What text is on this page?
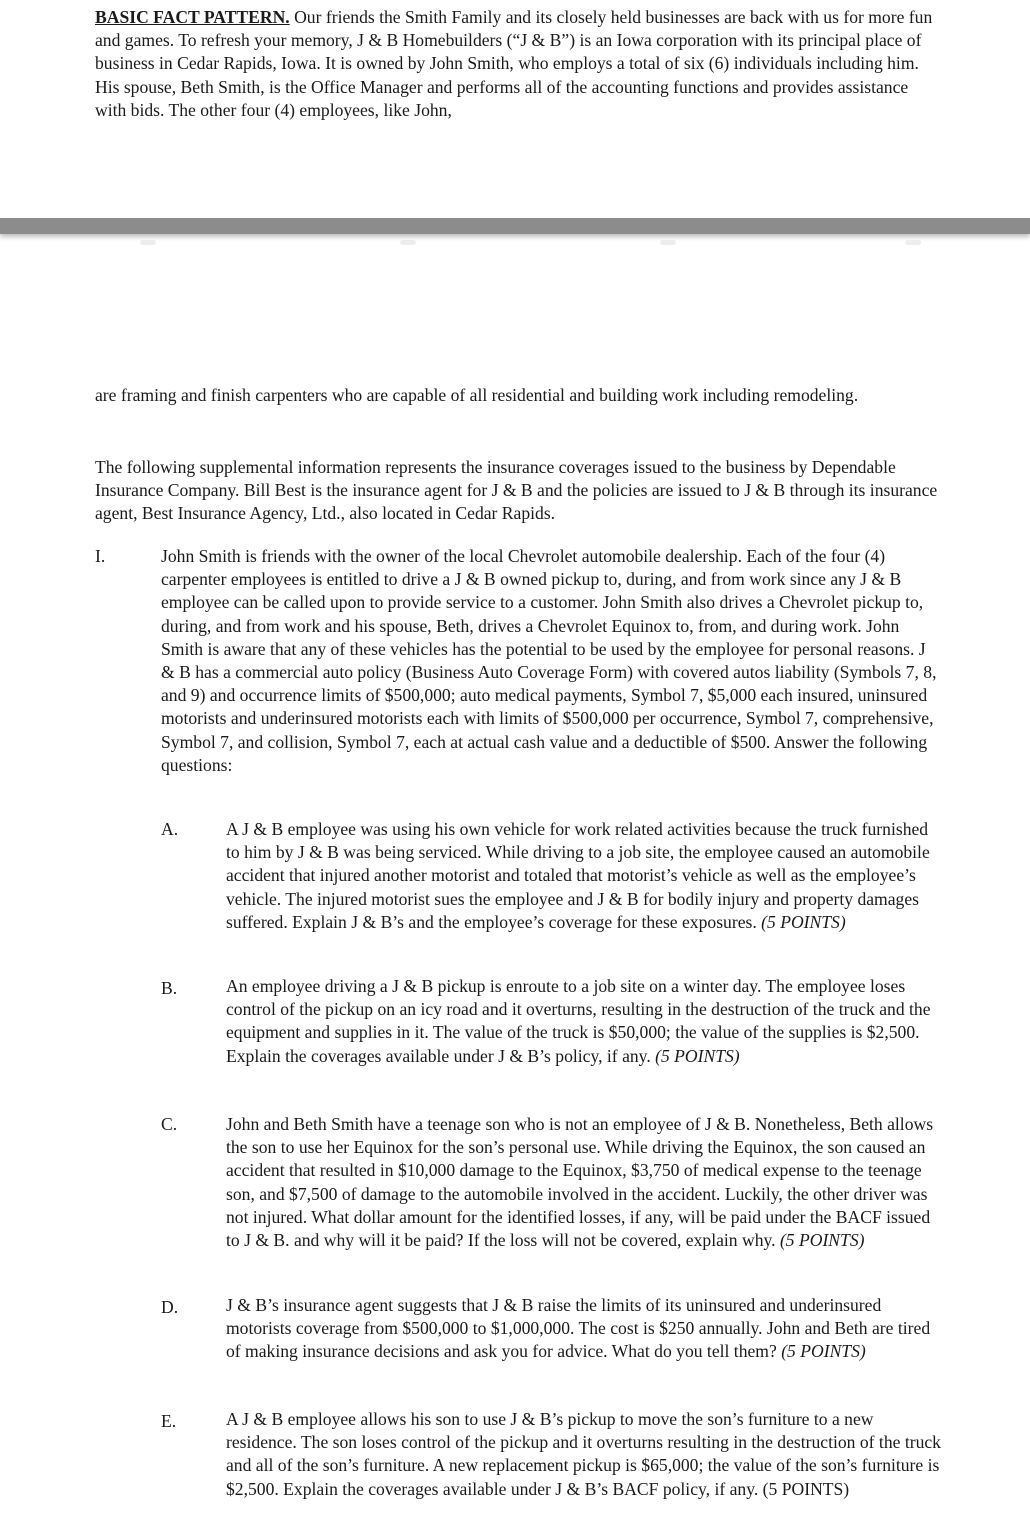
BASIC FACT PATTERN. Our friends the Smith Family and its closely held businesses are back with us for more fun and games. To refresh your memory, J & B Homebuilders (“J & B”) is an Iowa corporation with its principal place of business in Cedar Rapids, Iowa. It is owned by John Smith, who employs a total of six (6) individuals including him. His spouse, Beth Smith, is the Office Manager and performs all of the accounting functions and provides assistance with bids. The other four (4) employees, like John,

are framing and finish carpenters who are capable of all residential and building work including remodeling.

The following supplemental information represents the insurance coverages issued to the business by Dependable Insurance Company. Bill Best is the insurance agent for J & B and the policies are issued to J & B through its insurance agent, Best Insurance Agency, Ltd., also located in Cedar Rapids.

I.	John Smith is friends with the owner of the local Chevrolet automobile dealership. Each of the four (4) carpenter employees is entitled to drive a J & B owned pickup to, during, and from work since any J & B employee can be called upon to provide service to a customer. John Smith also drives a Chevrolet pickup to, during, and from work and his spouse, Beth, drives a Chevrolet Equinox to, from, and during work. John Smith is aware that any of these vehicles has the potential to be used by the employee for personal reasons. J & B has a commercial auto policy (Business Auto Coverage Form) with covered autos liability (Symbols 7, 8, and 9) and occurrence limits of $500,000; auto medical payments, Symbol 7, $5,000 each insured, uninsured motorists and underinsured motorists each with limits of $500,000 per occurrence, Symbol 7, comprehensive, Symbol 7, and collision, Symbol 7, each at actual cash value and a deductible of $500. Answer the following questions:

A.	A J & B employee was using his own vehicle for work related activities because the truck furnished to him by J & B was being serviced. While driving to a job site, the employee caused an automobile accident that injured another motorist and totaled that motorist’s vehicle as well as the employee’s vehicle. The injured motorist sues the employee and J & B for bodily injury and property damages suffered. Explain J & B’s and the employee’s coverage for these exposures. (5 POINTS)

B.	An employee driving a J & B pickup is enroute to a job site on a winter day. The employee loses control of the pickup on an icy road and it overturns, resulting in the destruction of the truck and the equipment and supplies in it. The value of the truck is $50,000; the value of the supplies is $2,500. Explain the coverages available under J & B’s policy, if any. (5 POINTS)

C.	John and Beth Smith have a teenage son who is not an employee of J & B. Nonetheless, Beth allows the son to use her Equinox for the son’s personal use. While driving the Equinox, the son caused an accident that resulted in $10,000 damage to the Equinox, $3,750 of medical expense to the teenage son, and $7,500 of damage to the automobile involved in the accident. Luckily, the other driver was not injured. What dollar amount for the identified losses, if any, will be paid under the BACF issued to J & B. and why will it be paid? If the loss will not be covered, explain why. (5 POINTS)

D.	J & B’s insurance agent suggests that J & B raise the limits of its uninsured and underinsured motorists coverage from $500,000 to $1,000,000. The cost is $250 annually. John and Beth are tired of making insurance decisions and ask you for advice. What do you tell them? (5 POINTS)

E.	A J & B employee allows his son to use J & B’s pickup to move the son’s furniture to a new residence. The son loses control of the pickup and it overturns resulting in the destruction of the truck and all of the son’s furniture. A new replacement pickup is $65,000; the value of the son’s furniture is $2,500. Explain the coverages available under J & B’s BACF policy, if any. (5 POINTS)
